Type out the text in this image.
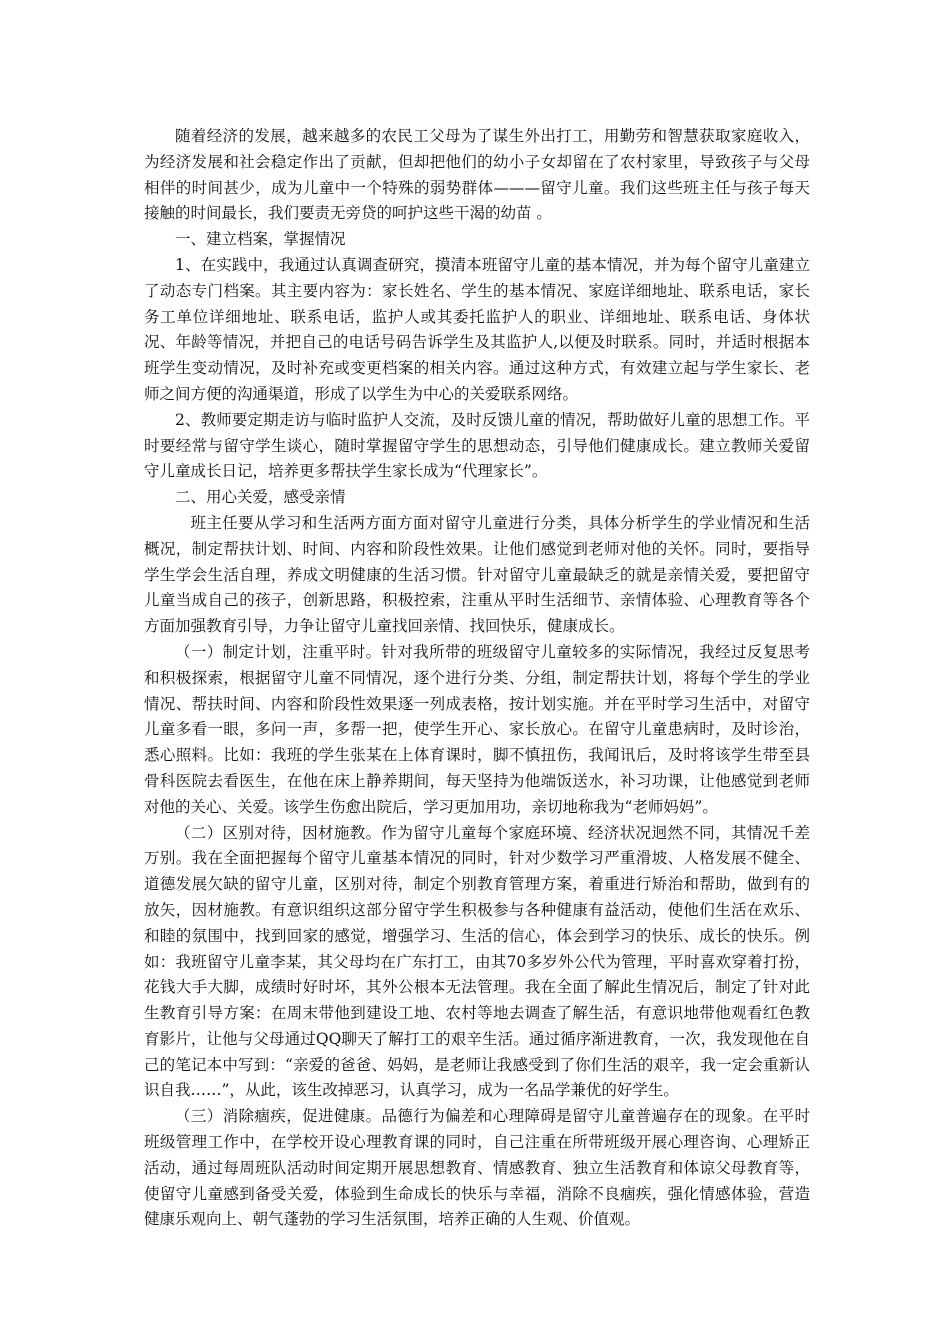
随着经济的发展，越来越多的农民工父母为了谋生外出打工，用勤劳和智慧获取家庭收入，为经济发展和社会稳定作出了贡献，但却把他们的幼小子女却留在了农村家里，导致孩子与父母相伴的时间甚少，成为儿童中一个特殊的弱势群体———留守儿童。我们这些班主任与孩子每天接触的时间最长，我们要责无旁贷的呵护这些干渴的幼苗 。

一、建立档案，掌握情况

1、在实践中，我通过认真调查研究，摸清本班留守儿童的基本情况，并为每个留守儿童建立了动态专门档案。其主要内容为：家长姓名、学生的基本情况、家庭详细地址、联系电话，家长务工单位详细地址、联系电话，监护人或其委托监护人的职业、详细地址、联系电话、身体状况、年龄等情况，并把自己的电话号码告诉学生及其监护人,以便及时联系。同时，并适时根据本班学生变动情况，及时补充或变更档案的相关内容。通过这种方式，有效建立起与学生家长、老师之间方便的沟通渠道，形成了以学生为中心的关爱联系网络。

2、教师要定期走访与临时监护人交流，及时反馈儿童的情况，帮助做好儿童的思想工作。平时要经常与留守学生谈心，随时掌握留守学生的思想动态，引导他们健康成长。建立教师关爱留守儿童成长日记，培养更多帮扶学生家长成为“代理家长”。

二、用心关爱，感受亲情

班主任要从学习和生活两方面方面对留守儿童进行分类，具体分析学生的学业情况和生活概况，制定帮扶计划、时间、内容和阶段性效果。让他们感觉到老师对他的关怀。同时，要指导学生学会生活自理，养成文明健康的生活习惯。针对留守儿童最缺乏的就是亲情关爱，要把留守儿童当成自己的孩子，创新思路，积极控索，注重从平时生活细节、亲情体验、心理教育等各个方面加强教育引导，力争让留守儿童找回亲情、找回快乐，健康成长。

（一）制定计划，注重平时。针对我所带的班级留守儿童较多的实际情况，我经过反复思考和积极探索，根据留守儿童不同情况，逐个进行分类、分组，制定帮扶计划，将每个学生的学业情况、帮扶时间、内容和阶段性效果逐一列成表格，按计划实施。并在平时学习生活中，对留守儿童多看一眼，多问一声，多帮一把，使学生开心、家长放心。在留守儿童患病时，及时诊治，悉心照料。比如：我班的学生张某在上体育课时，脚不慎扭伤，我闻讯后，及时将该学生带至县骨科医院去看医生，在他在床上静养期间，每天坚持为他端饭送水，补习功课，让他感觉到老师对他的关心、关爱。该学生伤愈出院后，学习更加用功，亲切地称我为“老师妈妈”。

（二）区别对待，因材施教。作为留守儿童每个家庭环境、经济状况迥然不同，其情况千差万别。我在全面把握每个留守儿童基本情况的同时，针对少数学习严重滑坡、人格发展不健全、道德发展欠缺的留守儿童，区别对待，制定个别教育管理方案，着重进行矫治和帮助，做到有的放矢，因材施教。有意识组织这部分留守学生积极参与各种健康有益活动，使他们生活在欢乐、和睦的氛围中，找到回家的感觉，增强学习、生活的信心，体会到学习的快乐、成长的快乐。例如：我班留守儿童李某，其父母均在广东打工，由其70多岁外公代为管理，平时喜欢穿着打扮，花钱大手大脚，成绩时好时坏，其外公根本无法管理。我在全面了解此生情况后，制定了针对此生教育引导方案：在周末带他到建设工地、农村等地去调查了解生活，有意识地带他观看红色教育影片，让他与父母通过QQ聊天了解打工的艰辛生活。通过循序渐进教育，一次，我发现他在自己的笔记本中写到：“亲爱的爸爸、妈妈，是老师让我感受到了你们生活的艰辛，我一定会重新认识自我……”，从此，该生改掉恶习，认真学习，成为一名品学兼优的好学生。

（三）消除痼疾，促进健康。品德行为偏差和心理障碍是留守儿童普遍存在的现象。在平时班级管理工作中，在学校开设心理教育课的同时，自己注重在所带班级开展心理咨询、心理矫正活动，通过每周班队活动时间定期开展思想教育、情感教育、独立生活教育和体谅父母教育等，使留守儿童感到备受关爱，体验到生命成长的快乐与幸福，消除不良痼疾，强化情感体验，营造健康乐观向上、朝气蓬勃的学习生活氛围，培养正确的人生观、价值观。
